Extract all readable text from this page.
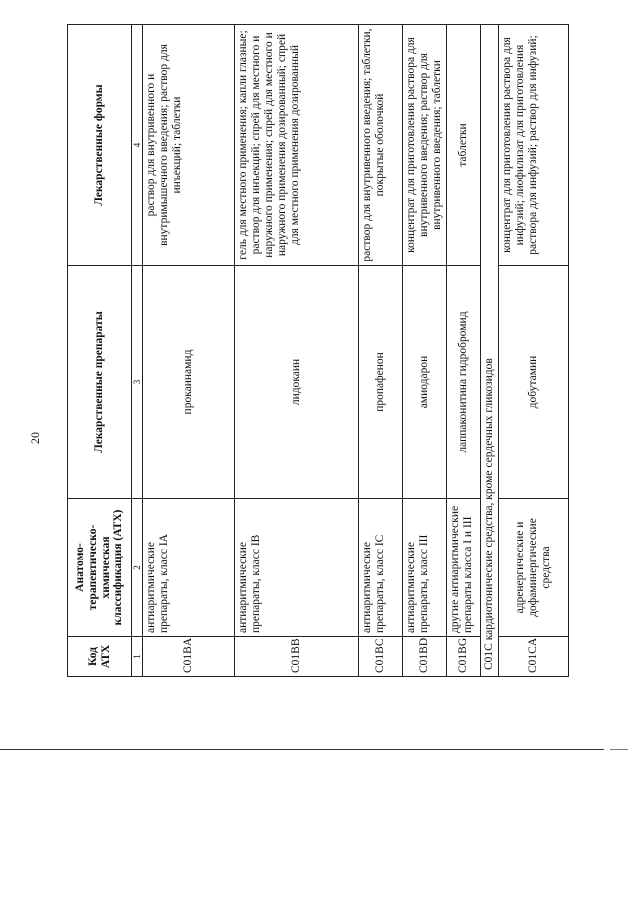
20
Код АТХ	Анатомо-терапевтическо-химическая классификация (АТХ)	Лекарственные препараты	Лекарственные формы
1	2	3	4
C01BA	антиаритмические препараты, класс IA	прокаинамид	раствор для внутривенного и внутримышечного введения; раствор для инъекций; таблетки
C01BB	антиаритмические препараты, класс IB	лидокаин	гель для местного применения; капли глазные; раствор для инъекций; спрей для местного и наружного применения; спрей для местного и наружного применения дозированный; спрей для местного применения дозированный
C01BC	антиаритмические препараты, класс IC	пропафенон	раствор для внутривенного введения; таблетки, покрытые оболочкой
C01BD	антиаритмические препараты, класс III	амиодарон	концентрат для приготовления раствора для внутривенного введения; раствор для внутривенного введения; таблетки
C01BG	другие антиаритмические препараты класса I и III	лаппаконитина гидробромид	таблетки
C01C кардиотонические средства, кроме сердечных гликозидов			
C01CA	адренергические и дофаминергические средства	добутамин	концентрат для приготовления раствора для инфузий; лиофилизат для приготовления раствора для инфузий; раствор для инфузий;
